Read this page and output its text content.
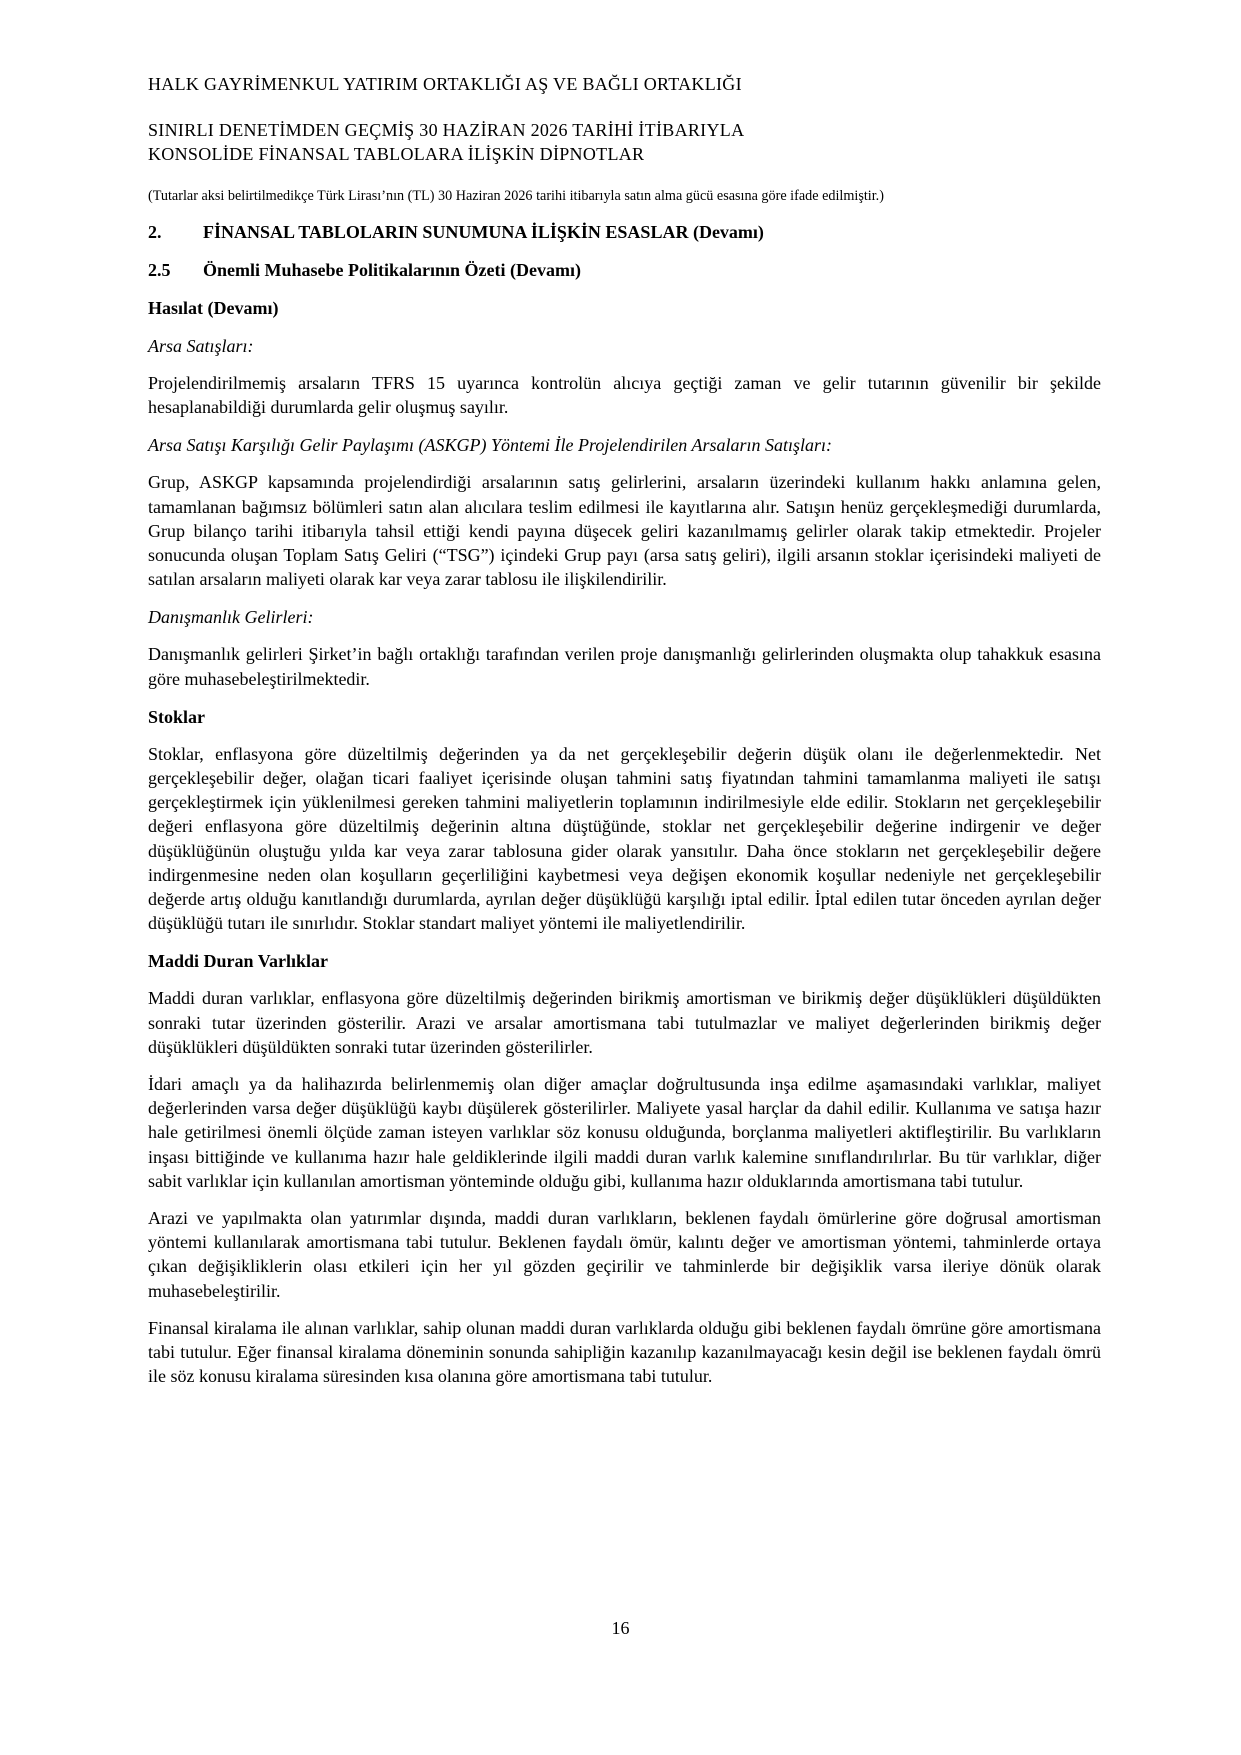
HALK GAYRİMENKUL YATIRIM ORTAKLIĞI AŞ VE BAĞLI ORTAKLIĞI

SINIRLI DENETİMDEN GEÇMİŞ 30 HAZİRAN 2026 TARİHİ İTİBARIYLA

KONSOLİDE FİNANSAL TABLOLARA İLİŞKİN DİPNOTLAR

(Tutarlar aksi belirtilmedikçe Türk Lirası’nın (TL) 30 Haziran 2026 tarihi itibarıyla satın alma gücü esasına göre ifade edilmiştir.)

2.	FİNANSAL TABLOLARIN SUNUMUNA İLİŞKİN ESASLAR (Devamı)
2.5	Önemli Muhasebe Politikalarının Özeti (Devamı)
Hasılat (Devamı)
Arsa Satışları:

Projelendirilmemiş arsaların TFRS 15 uyarınca kontrolün alıcıya geçtiği zaman ve gelir tutarının güvenilir bir şekilde hesaplanabildiği durumlarda gelir oluşmuş sayılır.

Arsa Satışı Karşılığı Gelir Paylaşımı (ASKGP) Yöntemi İle Projelendirilen Arsaların Satışları:

Grup, ASKGP kapsamında projelendirdiği arsalarının satış gelirlerini, arsaların üzerindeki kullanım hakkı anlamına gelen, tamamlanan bağımsız bölümleri satın alan alıcılara teslim edilmesi ile kayıtlarına alır. Satışın henüz gerçekleşmediği durumlarda, Grup bilanço tarihi itibarıyla tahsil ettiği kendi payına düşecek geliri kazanılmamış gelirler olarak takip etmektedir. Projeler sonucunda oluşan Toplam Satış Geliri (“TSG”) içindeki Grup payı (arsa satış geliri), ilgili arsanın stoklar içerisindeki maliyeti de satılan arsaların maliyeti olarak kar veya zarar tablosu ile ilişkilendirilir.

Danışmanlık Gelirleri:

Danışmanlık gelirleri Şirket’in bağlı ortaklığı tarafından verilen proje danışmanlığı gelirlerinden oluşmakta olup tahakkuk esasına göre muhasebeleştirilmektedir.

Stoklar

Stoklar, enflasyona göre düzeltilmiş değerinden ya da net gerçekleşebilir değerin düşük olanı ile değerlenmektedir. Net gerçekleşebilir değer, olağan ticari faaliyet içerisinde oluşan tahmini satış fiyatından tahmini tamamlanma maliyeti ile satışı gerçekleştirmek için yüklenilmesi gereken tahmini maliyetlerin toplamının indirilmesiyle elde edilir. Stokların net gerçekleşebilir değeri enflasyona göre düzeltilmiş değerinin altına düştüğünde, stoklar net gerçekleşebilir değerine indirgenir ve değer düşüklüğünün oluştuğu yılda kar veya zarar tablosuna gider olarak yansıtılır. Daha önce stokların net gerçekleşebilir değere indirgenmesine neden olan koşulların geçerliliğini kaybetmesi veya değişen ekonomik koşullar nedeniyle net gerçekleşebilir değerde artış olduğu kanıtlandığı durumlarda, ayrılan değer düşüklüğü karşılığı iptal edilir. İptal edilen tutar önceden ayrılan değer düşüklüğü tutarı ile sınırlıdır. Stoklar standart maliyet yöntemi ile maliyetlendirilir.

Maddi Duran Varlıklar

Maddi duran varlıklar, enflasyona göre düzeltilmiş değerinden birikmiş amortisman ve birikmiş değer düşüklükleri düşüldükten sonraki tutar üzerinden gösterilir. Arazi ve arsalar amortismana tabi tutulmazlar ve maliyet değerlerinden birikmiş değer düşüklükleri düşüldükten sonraki tutar üzerinden gösterilirler.

İdari amaçlı ya da halihazırda belirlenmemiş olan diğer amaçlar doğrultusunda inşa edilme aşamasındaki varlıklar, maliyet değerlerinden varsa değer düşüklüğü kaybı düşülerek gösterilirler. Maliyete yasal harçlar da dahil edilir. Kullanıma ve satışa hazır hale getirilmesi önemli ölçüde zaman isteyen varlıklar söz konusu olduğunda, borçlanma maliyetleri aktifleştirilir. Bu varlıkların inşası bittiğinde ve kullanıma hazır hale geldiklerinde ilgili maddi duran varlık kalemine sınıflandırılırlar. Bu tür varlıklar, diğer sabit varlıklar için kullanılan amortisman yönteminde olduğu gibi, kullanıma hazır olduklarında amortismana tabi tutulur.

Arazi ve yapılmakta olan yatırımlar dışında, maddi duran varlıkların, beklenen faydalı ömürlerine göre doğrusal amortisman yöntemi kullanılarak amortismana tabi tutulur. Beklenen faydalı ömür, kalıntı değer ve amortisman yöntemi, tahminlerde ortaya çıkan değişikliklerin olası etkileri için her yıl gözden geçirilir ve tahminlerde bir değişiklik varsa ileriye dönük olarak muhasebeleştirilir.

Finansal kiralama ile alınan varlıklar, sahip olunan maddi duran varlıklarda olduğu gibi beklenen faydalı ömrüne göre amortismana tabi tutulur. Eğer finansal kiralama döneminin sonunda sahipliğin kazanılıp kazanılmayacağı kesin değil ise beklenen faydalı ömrü ile söz konusu kiralama süresinden kısa olanına göre amortismana tabi tutulur.

16
